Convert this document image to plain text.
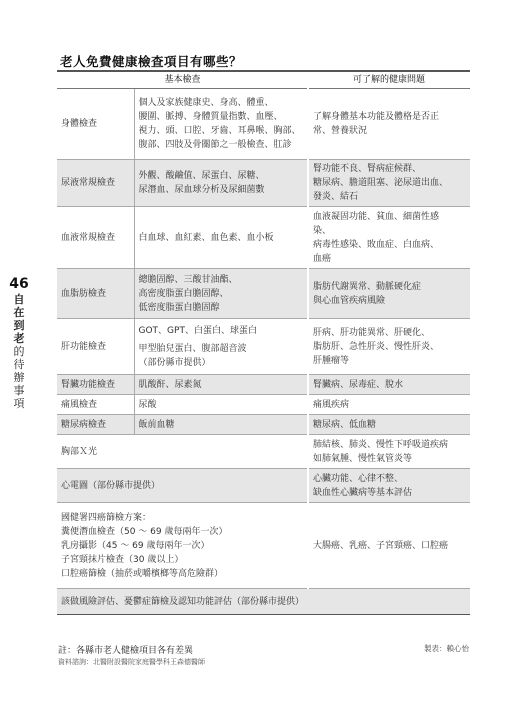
老人免費健康檢查項目有哪些？
46
自
在
到
老
的
待
辦
事
項
基本檢查		可了解的健康問題
身體檢查	個人及家族健康史、身高、體重、
腰圍、脈搏、身體質量指數、血壓、
視力、頭、口腔、牙齒、耳鼻喉、胸部、
腹部、四肢及骨關節之一般檢查、肛診	了解身體基本功能及體格是否正
常、營養狀況

尿液常規檢查	外觀、酸鹼值、尿蛋白、尿糖、
尿潛血、尿血球分析及尿細菌數	腎功能不良、腎病症候群、
糖尿病、膽道阻塞、泌尿道出血、
發炎、結石

血液常規檢查	白血球、血紅素、血色素、血小板	血液凝固功能、貧血、細菌性感
染、
病毒性感染、敗血症、白血病、
血癌

血脂肪檢查	總膽固醇、三酸甘油酯、
高密度脂蛋白膽固醇、
低密度脂蛋白膽固醇	脂肪代謝異常、動脈硬化症
與心血管疾病風險

肝功能檢查	GOT、GPT、白蛋白、球蛋白
甲型胎兒蛋白、腹部超音波
（部份縣市提供）	肝病、肝功能異常、肝硬化、
脂肪肝、急性肝炎、慢性肝炎、
肝腫瘤等

腎臟功能檢查	肌酸酐、尿素氮	腎臟病、尿毒症、脫水

痛風檢查	尿酸	痛風疾病

糖尿病檢查	飯前血糖	糖尿病、低血糖

胸部Ｘ光		肺結核、肺炎、慢性下呼吸道疾病
如肺氣腫、慢性氣管炎等

心電圖（部份縣市提供）		心臟功能、心律不整、
缺血性心臟病等基本評估

國健署四癌篩檢方案：
糞便潛血檢查（50 ～ 69 歲每兩年一次）
乳房攝影（45 ～ 69 歲每兩年一次）
子宮頸抹片檢查（30 歲以上）
口腔癌篩檢（抽菸或嚼檳榔等高危險群）		大腸癌、乳癌、子宮頸癌、口腔癌

該做風險評估、憂鬱症篩檢及認知功能評估（部份縣市提供）		
註：各縣市老人健檢項目各有差異
資料諮詢：北醫附設醫院家庭醫學科王森德醫師
製表：賴心怡
